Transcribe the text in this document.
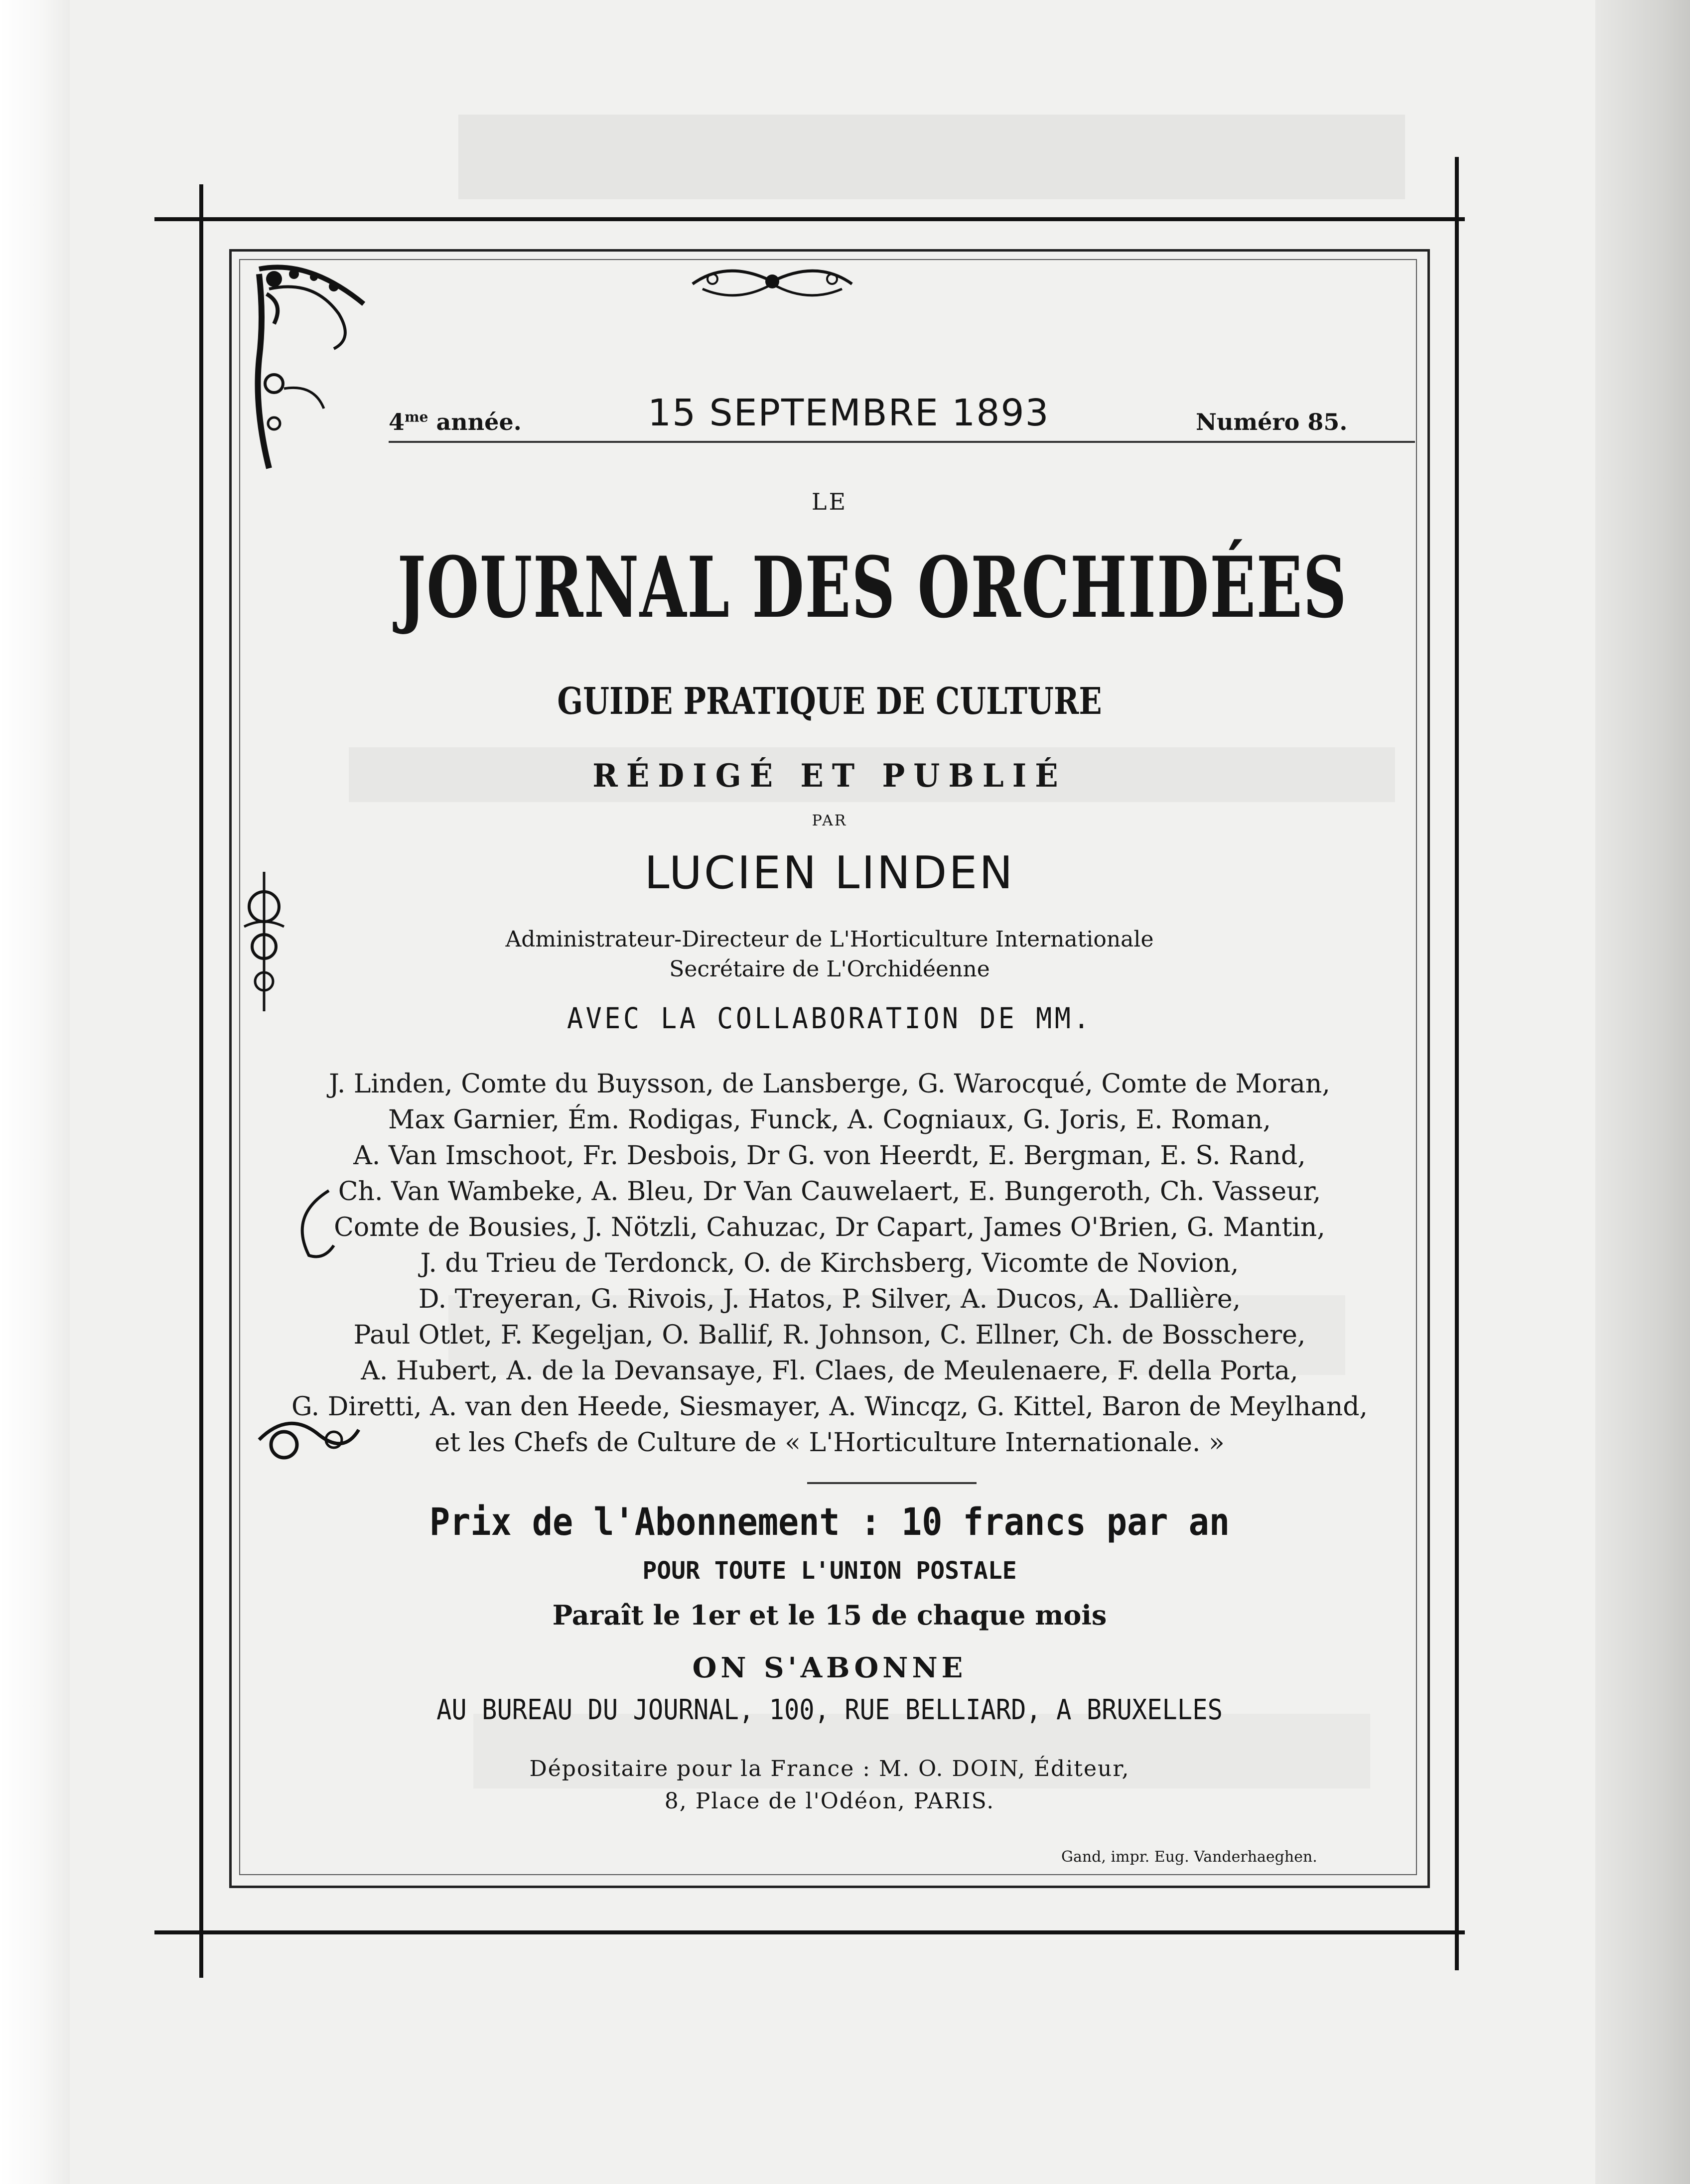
$4^{me}$ année.	15 SEPTEMBRE 1893	Numéro 85.
LE
JOURNAL DES ORCHIDÉES
GUIDE PRATIQUE DE CULTURE
RÉDIGÉ ET PUBLIÉ
PAR
LUCIEN LINDEN
Administrateur-Directeur de L'Horticulture Internationale
Secrétaire de L'Orchidéenne
AVEC LA COLLABORATION DE MM.
J. Linden, Comte du Buysson, de Lansberge, G. Warocqué, Comte de Moran,
Max Garnier, Ém. Rodigas, Funck, A. Cogniaux, G. Joris, E. Roman,
A. Van Imschoot, Fr. Desbois, Dr G. von Heerdt, E. Bergman, E. S. Rand,
Ch. Van Wambeke, A. Bleu, Dr Van Cauwelaert, E. Bungeroth, Ch. Vasseur,
Comte de Bousies, J. Nötzli, Cahuzac, Dr Capart, James O'Brien, G. Mantin,
J. du Trieu de Terdonck, O. de Kirchsberg, Vicomte de Novion,
D. Treyeran, G. Rivois, J. Hatos, P. Silver, A. Ducos, A. Dallière,
Paul Otlet, F. Kegeljan, O. Ballif, R. Johnson, C. Ellner, Ch. de Bosschere,
A. Hubert, A. de la Devansaye, Fl. Claes, de Meulenaere, F. della Porta,
G. Diretti, A. van den Heede, Siesmayer, A. Wincqz, G. Kittel, Baron de Meylhand,
et les Chefs de Culture de « L'Horticulture Internationale. »
Prix de l'Abonnement : 10 francs par an
POUR TOUTE L'UNION POSTALE
Paraît le 1er et le 15 de chaque mois
ON S'ABONNE
AU BUREAU DU JOURNAL, 100, RUE BELLIARD, A BRUXELLES
Dépositaire pour la France : M. O. DOIN, Éditeur,
8, Place de l'Odéon, PARIS.
Gand, impr. Eug. Vanderhaeghen.
